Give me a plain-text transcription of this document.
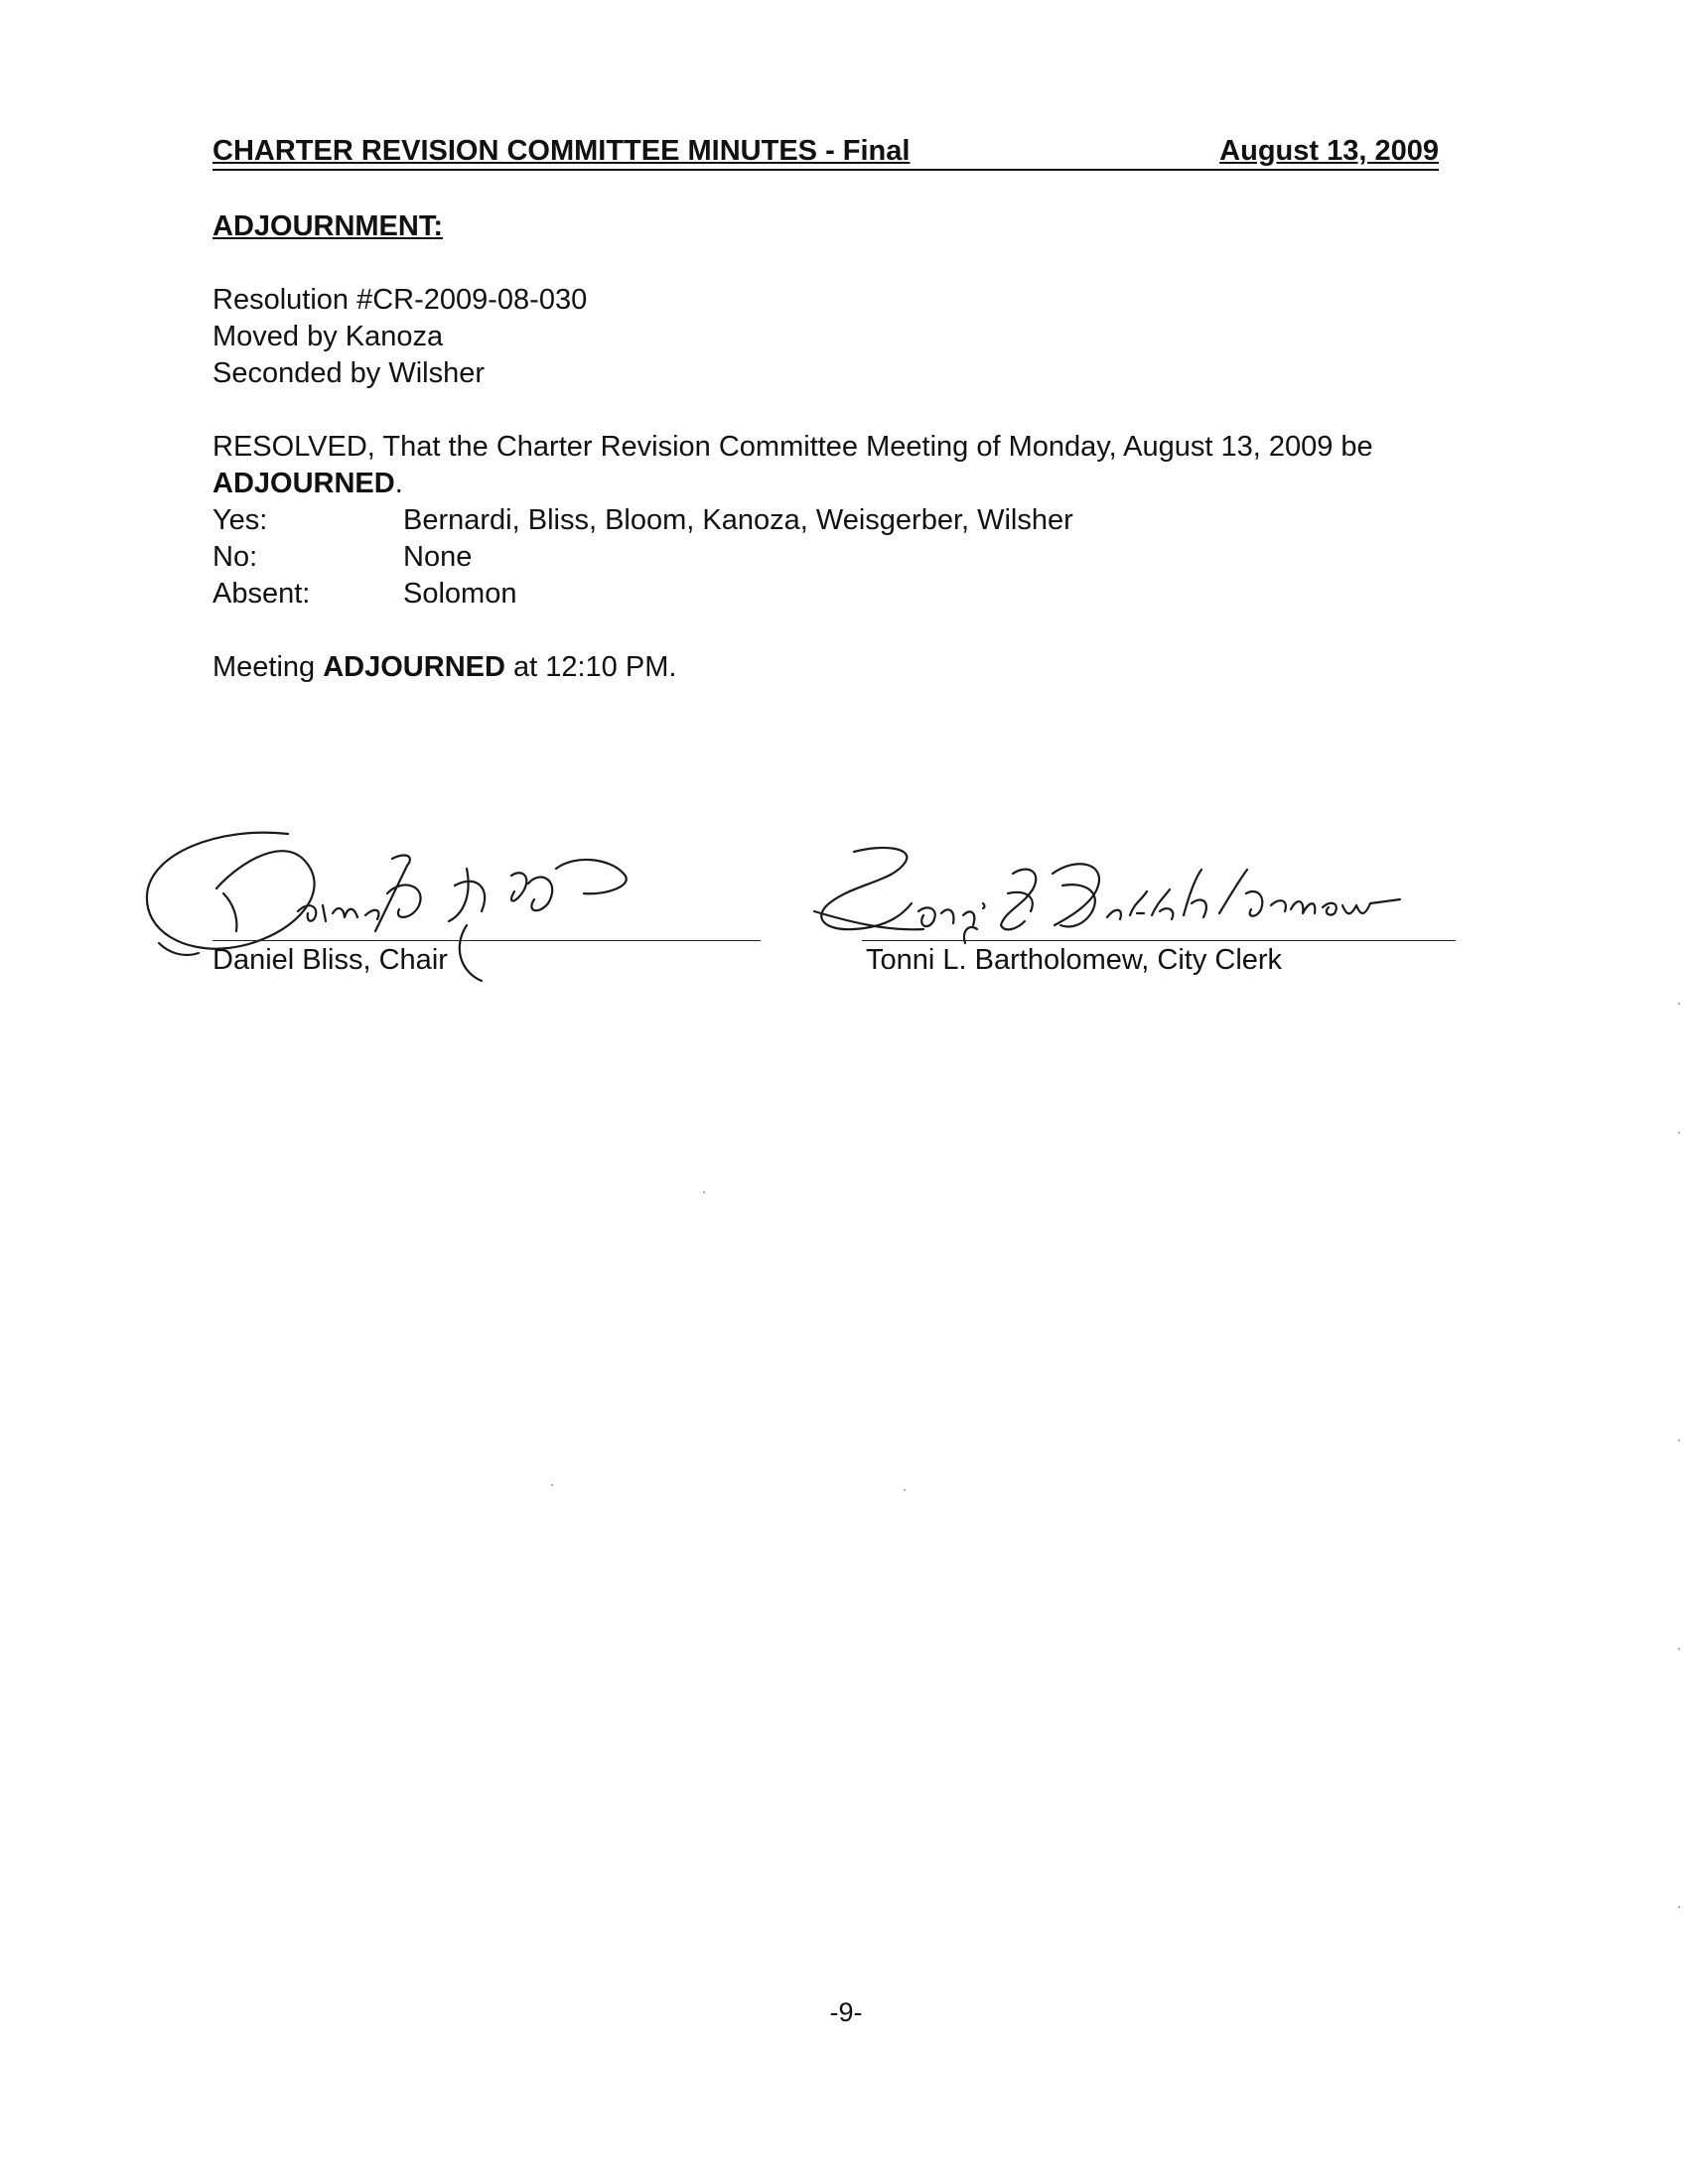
CHARTER REVISION COMMITTEE MINUTES - Final	August 13, 2009
ADJOURNMENT:
Resolution #CR-2009-08-030
Moved by Kanoza
Seconded by Wilsher
RESOLVED, That the Charter Revision Committee Meeting of Monday, August 13, 2009 be ADJOURNED.
Yes:	Bernardi, Bliss, Bloom, Kanoza, Weisgerber, Wilsher
No:	None
Absent:	Solomon
Meeting ADJOURNED at 12:10 PM.
Daniel Bliss, Chair	Tonni L. Bartholomew, City Clerk
-9-
